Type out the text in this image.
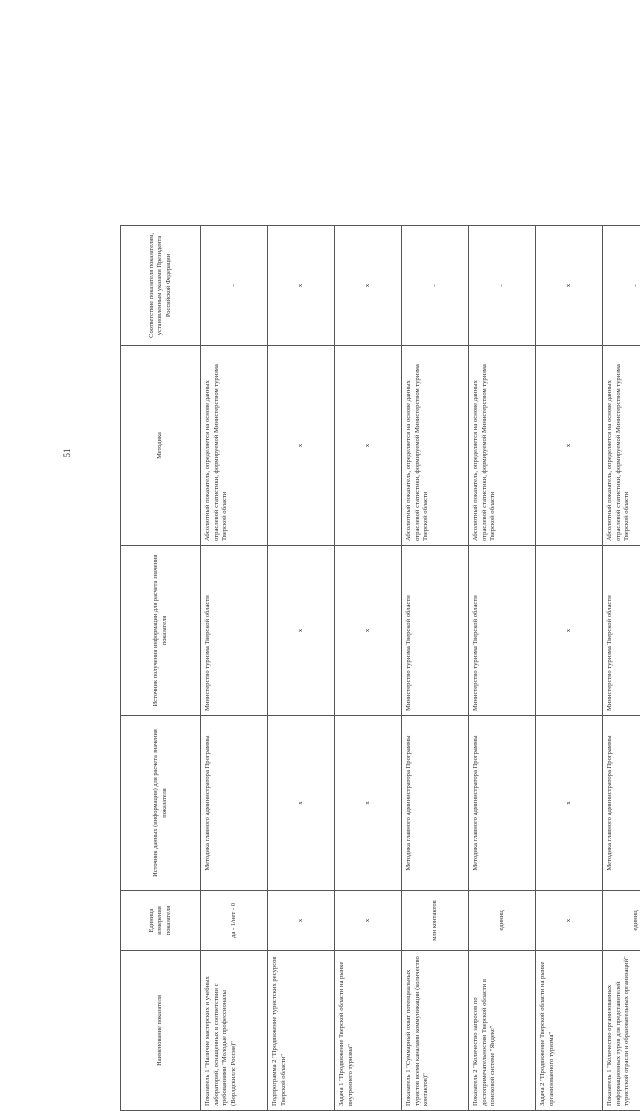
51
Наименование показателя	Единица измерения показателя	Источник данных (информации) для расчета значения показателя	Источник получения информации для расчета значения показателя	Методика	Соответствие показателя показателям, установленным указами Президента Российской Федерации
Показатель 1 "Наличие мастерских и учебных лабораторий, оснащенных в соответствии с требованиями "Молодые профессионалы (Ворлдскиллс Россия)"	да - 1/нет - 0	Методика главного администратора Программы	Министерство туризма Тверской области	Абсолютный показатель, определяется на основе данных отраслевой статистики, формируемой Министерством туризма Тверской области	-
Подпрограмма 2 "Продвижение туристских ресурсов Тверской области"	х	х	х	х	х
Задача 1 "Продвижение Тверской области на рынке внутреннего туризма"	х	х	х	х	х
Показатель 1 "Суммарный охват потенциальных туристов всеми каналами коммуникации (количество контактов)"	млн контактов	Методика главного администратора Программы	Министерство туризма Тверской области	Абсолютный показатель, определяется на основе данных отраслевой статистики, формируемой Министерством туризма Тверской области	-
Показатель 2 "Количество запросов по достопримечательностям Тверской области в поисковой системе "Яндекс"	единиц	Методика главного администратора Программы	Министерство туризма Тверской области	Абсолютный показатель, определяется на основе данных отраслевой статистики, формируемой Министерством туризма Тверской области	-
Задача 2 "Продвижение Тверской области на рынке организованного туризма"	х	х	х	х	х
Показатель 1 "Количество организованных информационных туров для представителей туристской отрасли и образовательных организаций"	единиц	Методика главного администратора Программы	Министерство туризма Тверской области	Абсолютный показатель, определяется на основе данных отраслевой статистики, формируемой Министерством туризма Тверской области	-
